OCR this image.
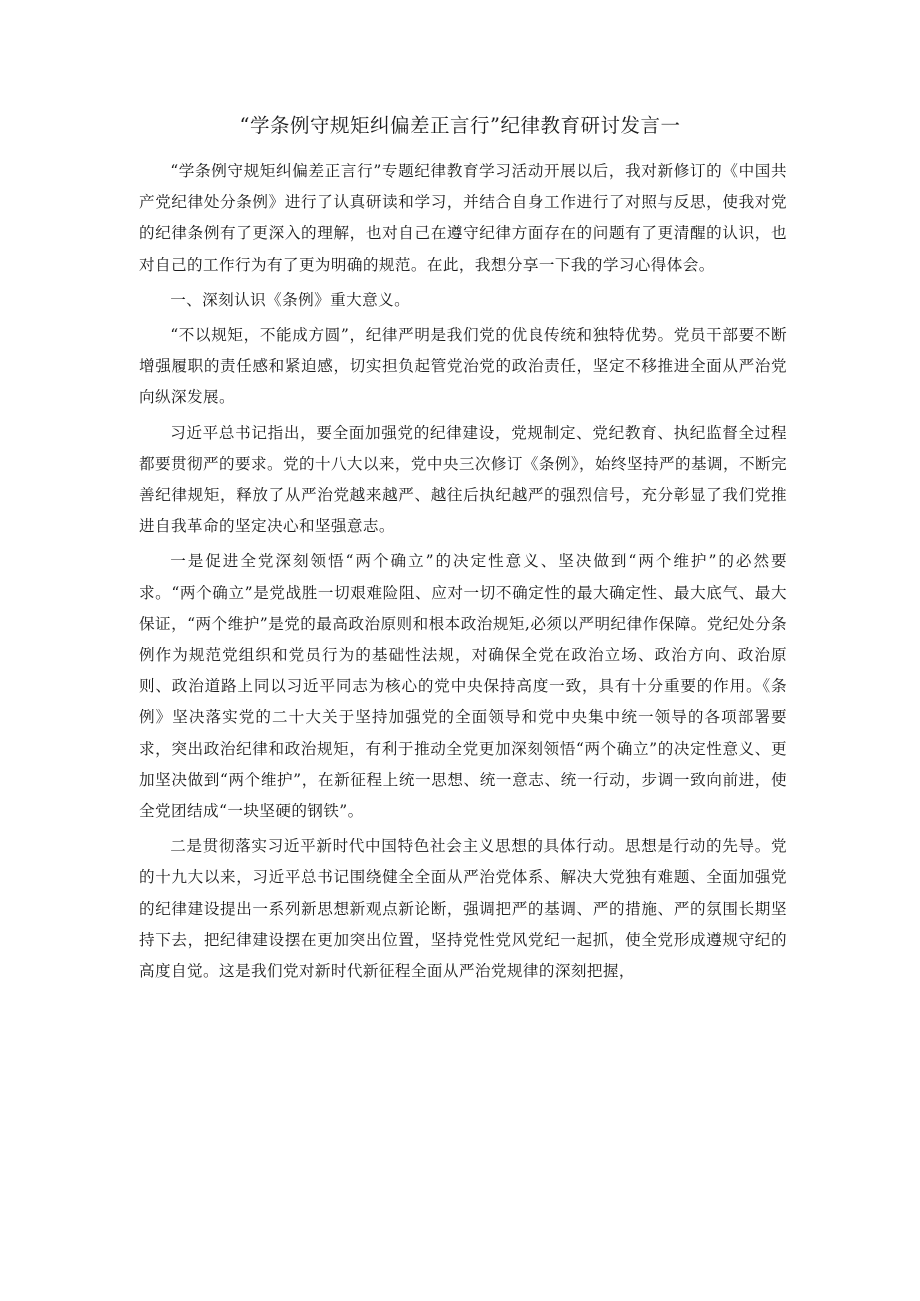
“学条例守规矩纠偏差正言行”纪律教育研讨发言一

“学条例守规矩纠偏差正言行”专题纪律教育学习活动开展以后，我对新修订的《中国共产党纪律处分条例》进行了认真研读和学习，并结合自身工作进行了对照与反思，使我对党的纪律条例有了更深入的理解，也对自己在遵守纪律方面存在的问题有了更清醒的认识，也对自己的工作行为有了更为明确的规范。在此，我想分享一下我的学习心得体会。

一、深刻认识《条例》重大意义。

“不以规矩，不能成方圆”，纪律严明是我们党的优良传统和独特优势。党员干部要不断增强履职的责任感和紧迫感，切实担负起管党治党的政治责任，坚定不移推进全面从严治党向纵深发展。

习近平总书记指出，要全面加强党的纪律建设，党规制定、党纪教育、执纪监督全过程都要贯彻严的要求。党的十八大以来，党中央三次修订《条例》，始终坚持严的基调，不断完善纪律规矩，释放了从严治党越来越严、越往后执纪越严的强烈信号，充分彰显了我们党推进自我革命的坚定决心和坚强意志。

一是促进全党深刻领悟“两个确立”的决定性意义、坚决做到“两个维护”的必然要求。“两个确立”是党战胜一切艰难险阻、应对一切不确定性的最大确定性、最大底气、最大保证，“两个维护”是党的最高政治原则和根本政治规矩,必须以严明纪律作保障。党纪处分条例作为规范党组织和党员行为的基础性法规，对确保全党在政治立场、政治方向、政治原则、政治道路上同以习近平同志为核心的党中央保持高度一致，具有十分重要的作用。《条例》坚决落实党的二十大关于坚持加强党的全面领导和党中央集中统一领导的各项部署要求，突出政治纪律和政治规矩，有利于推动全党更加深刻领悟“两个确立”的决定性意义、更加坚决做到“两个维护”，在新征程上统一思想、统一意志、统一行动，步调一致向前进，使全党团结成“一块坚硬的钢铁”。

二是贯彻落实习近平新时代中国特色社会主义思想的具体行动。思想是行动的先导。党的十九大以来，习近平总书记围绕健全全面从严治党体系、解决大党独有难题、全面加强党的纪律建设提出一系列新思想新观点新论断，强调把严的基调、严的措施、严的氛围长期坚持下去，把纪律建设摆在更加突出位置，坚持党性党风党纪一起抓，使全党形成遵规守纪的高度自觉。这是我们党对新时代新征程全面从严治党规律的深刻把握，
